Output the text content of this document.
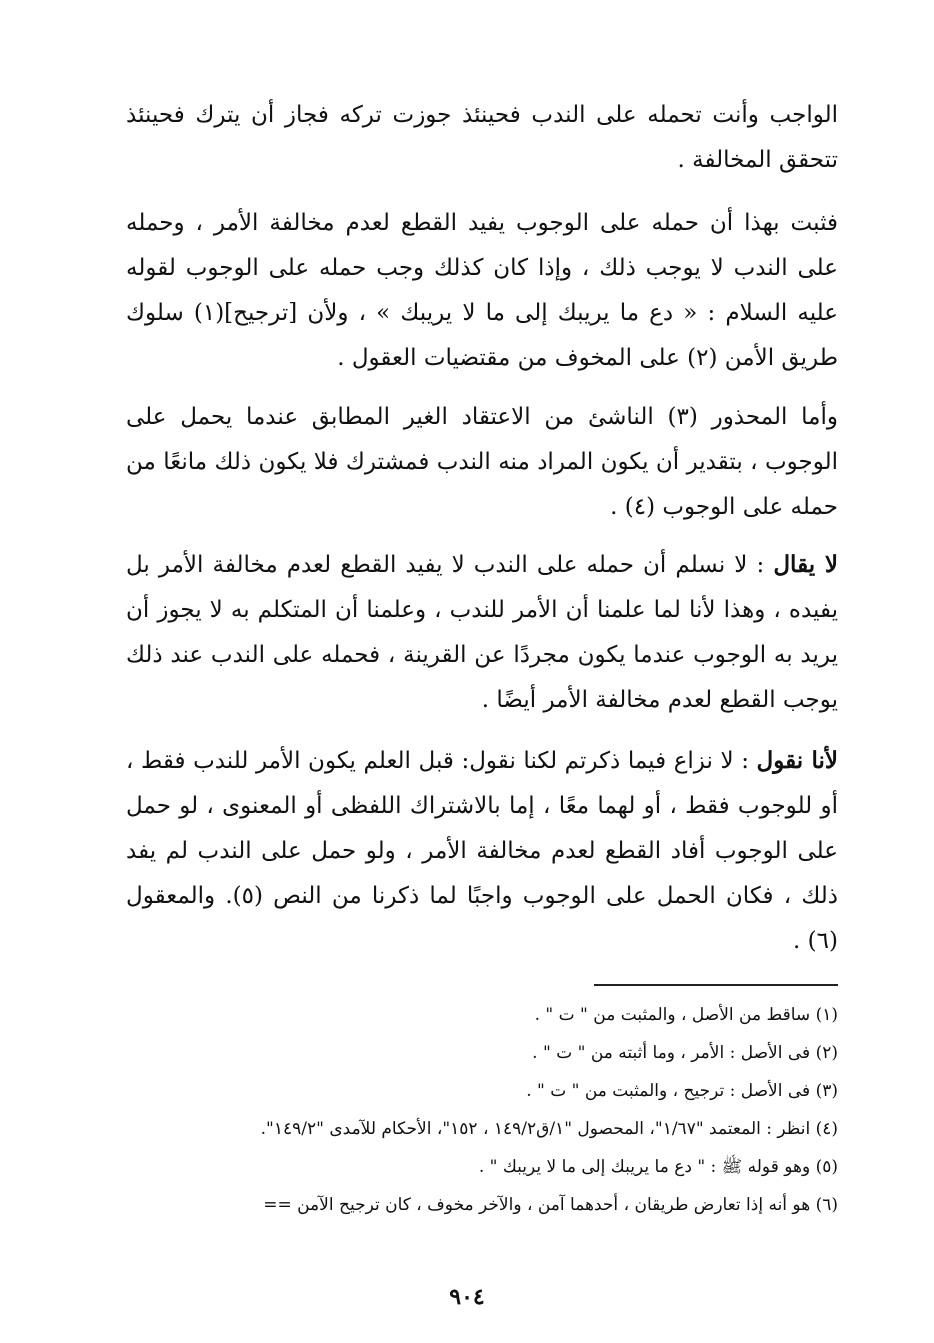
الواجب وأنت تحمله على الندب فحينئذ جوزت تركه فجاز أن يترك فحينئذ تتحقق المخالفة .

فثبت بهذا أن حمله على الوجوب يفيد القطع لعدم مخالفة الأمر ، وحمله على الندب لا يوجب ذلك ، وإذا كان كذلك وجب حمله على الوجوب لقوله عليه السلام : « دع ما يريبك إلى ما لا يريبك » ، ولأن [ترجيح](١) سلوك طريق الأمن (٢) على المخوف من مقتضيات العقول .

وأما المحذور (٣) الناشئ من الاعتقاد الغير المطابق عندما يحمل على الوجوب ، بتقدير أن يكون المراد منه الندب فمشترك فلا يكون ذلك مانعًا من حمله على الوجوب (٤) .

لا يقال : لا نسلم أن حمله على الندب لا يفيد القطع لعدم مخالفة الأمر بل يفيده ، وهذا لأنا لما علمنا أن الأمر للندب ، وعلمنا أن المتكلم به لا يجوز أن يريد به الوجوب عندما يكون مجردًا عن القرينة ، فحمله على الندب عند ذلك يوجب القطع لعدم مخالفة الأمر أيضًا .

لأنا نقول : لا نزاع فيما ذكرتم لكنا نقول: قبل العلم يكون الأمر للندب فقط ، أو للوجوب فقط ، أو لهما معًا ، إما بالاشتراك اللفظى أو المعنوى ، لو حمل على الوجوب أفاد القطع لعدم مخالفة الأمر ، ولو حمل على الندب لم يفد ذلك ، فكان الحمل على الوجوب واجبًا لما ذكرنا من النص (٥). والمعقول (٦) .

(١) ساقط من الأصل ، والمثبت من " ت " .
(٢) فى الأصل : الأمر ، وما أثبته من " ت " .
(٣) فى الأصل : ترجيح ، والمثبت من " ت " .
(٤) انظر : المعتمد "١/٦٧"، المحصول "١/ق١٤٩/٢ ، ١٥٢"، الأحكام للآمدى "١٤٩/٢".
(٥) وهو قوله ﷺ : " دع ما يريبك إلى ما لا يريبك " .
(٦) هو أنه إذا تعارض طريقان ، أحدهما آمن ، والآخر مخوف ، كان ترجيح الآمن ==
٩٠٤
